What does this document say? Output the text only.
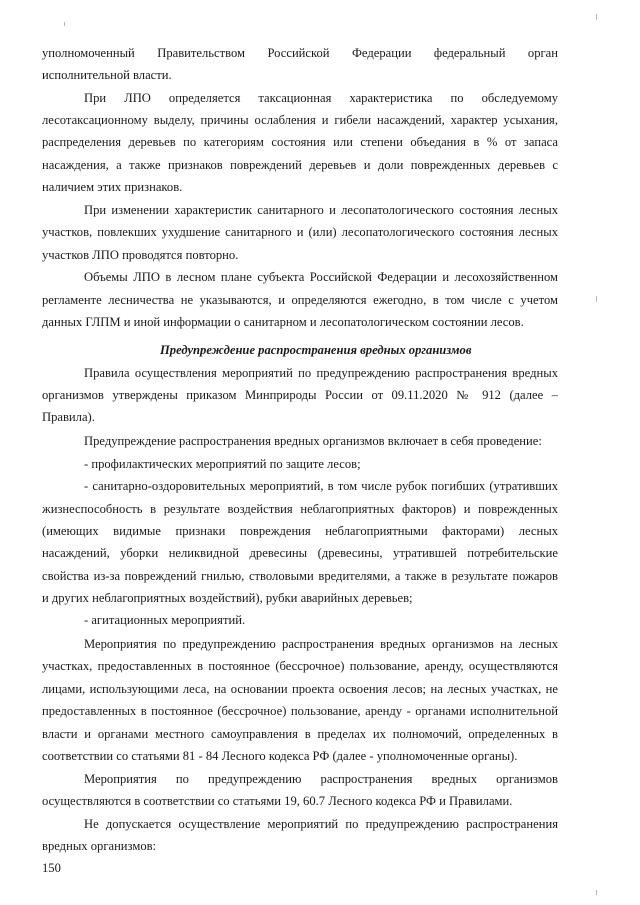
уполномоченный Правительством Российской Федерации федеральный орган
исполнительной власти.
При ЛПО определяется таксационная характеристика по обследуемому
лесотаксационному выделу, причины ослабления и гибели насаждений, характер усыхания,
распределения деревьев по категориям состояния или степени объедания в % от запаса
насаждения, а также признаков повреждений деревьев и доли поврежденных деревьев с
наличием этих признаков.
При изменении характеристик санитарного и лесопатологического состояния лесных
участков, повлекших ухудшение санитарного и (или) лесопатологического состояния лесных
участков ЛПО проводятся повторно.
Объемы ЛПО в лесном плане субъекта Российской Федерации и лесохозяйственном
регламенте лесничества не указываются, и определяются ежегодно, в том числе с учетом
данных ГЛПМ и иной информации о санитарном и лесопатологическом состоянии лесов.
Предупреждение распространения вредных организмов
Правила осуществления мероприятий по предупреждению распространения вредных
организмов утверждены приказом Минприроды России от 09.11.2020 № 912 (далее –
Правила).
Предупреждение распространения вредных организмов включает в себя проведение:
- профилактических мероприятий по защите лесов;
- санитарно-оздоровительных мероприятий, в том числе рубок погибших (утративших
жизнеспособность в результате воздействия неблагоприятных факторов) и поврежденных
(имеющих видимые признаки повреждения неблагоприятными факторами) лесных
насаждений, уборки неликвидной древесины (древесины, утратившей потребительские
свойства из-за повреждений гнилью, стволовыми вредителями, а также в результате пожаров
и других неблагоприятных воздействий), рубки аварийных деревьев;
- агитационных мероприятий.
Мероприятия по предупреждению распространения вредных организмов на лесных
участках, предоставленных в постоянное (бессрочное) пользование, аренду, осуществляются
лицами, использующими леса, на основании проекта освоения лесов; на лесных участках, не
предоставленных в постоянное (бессрочное) пользование, аренду - органами исполнительной
власти и органами местного самоуправления в пределах их полномочий, определенных в
соответствии со статьями 81 - 84 Лесного кодекса РФ (далее - уполномоченные органы).
Мероприятия по предупреждению распространения вредных организмов
осуществляются в соответствии со статьями 19, 60.7 Лесного кодекса РФ и Правилами.
Не допускается осуществление мероприятий по предупреждению распространения
вредных организмов:
150
